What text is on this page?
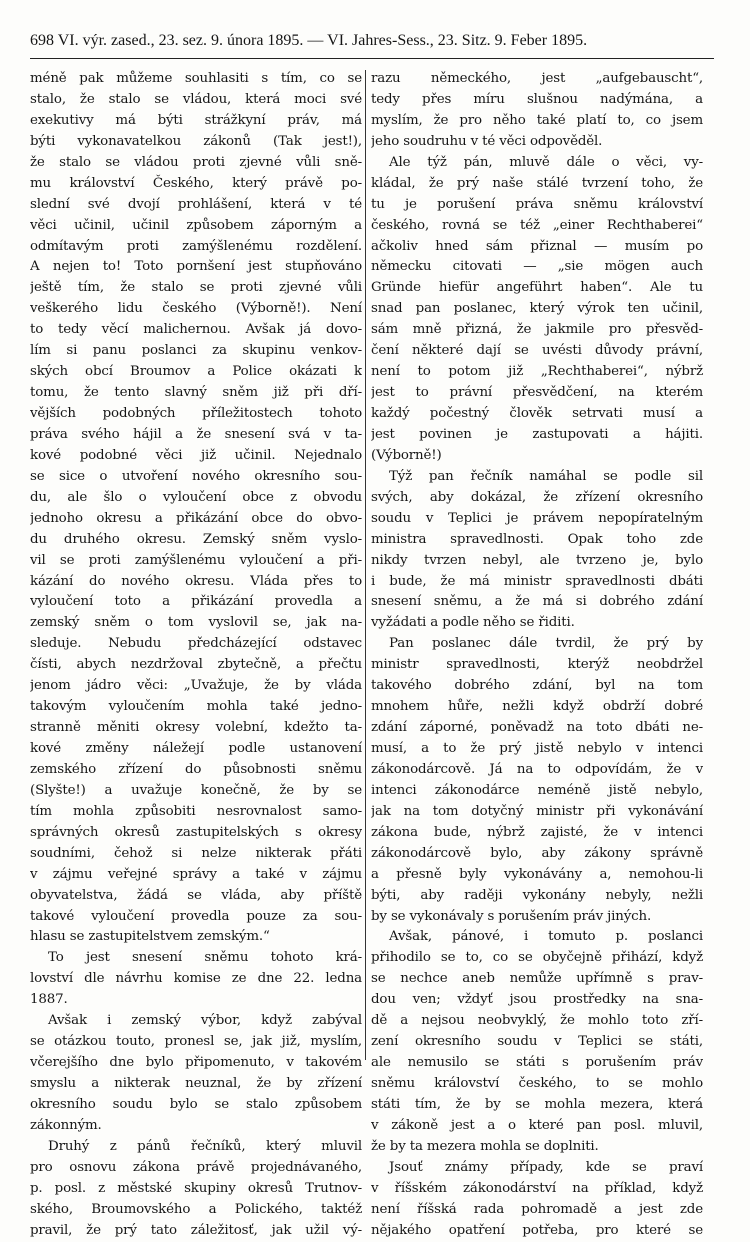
698 VI. výr. zased., 23. sez. 9. února 1895. — VI. Jahres-Sess., 23. Sitz. 9. Feber 1895.
méně pak můžeme souhlasiti s tím, co se
stalo, že stalo se vládou, která moci své
exekutivy má býti strážkyní práv, má
býti vykonavatelkou zákonů (Tak jest!),
že stalo se vládou proti zjevné vůli sně-
mu království Českého, který právě po-
slední své dvojí prohlášení, která v té
věci učinil, učinil způsobem záporným a
odmítavým proti zamýšlenému rozdělení.
A nejen to! Toto pornšení jest stupňováno
ještě tím, že stalo se proti zjevné vůli
veškerého lidu českého (Výborně!). Není
to tedy věcí malichernou. Avšak já dovo-
lím si panu poslanci za skupinu venkov-
ských obcí Broumov a Police okázati k
tomu, že tento slavný sněm již při dří-
vějších podobných příležitostech tohoto
práva svého hájil a že snesení svá v ta-
kové podobné věci již učinil. Nejednalo
se sice o utvoření nového okresního sou-
du, ale šlo o vyloučení obce z obvodu
jednoho okresu a přikázání obce do obvo-
du druhého okresu. Zemský sněm vyslo-
vil se proti zamýšlenému vyloučení a při-
kázání do nového okresu. Vláda přes to
vyloučení toto a přikázání provedla a
zemský sněm o tom vyslovil se, jak na-
sleduje. Nebudu předcházející odstavec
čísti, abych nezdržoval zbytečně, a přečtu
jenom jádro věci: „Uvažuje, že by vláda
takovým vyloučením mohla také jedno-
stranně měniti okresy volební, kdežto ta-
kové změny náležejí podle ustanovení
zemského zřízení do působnosti sněmu
(Slyšte!) a uvažuje konečně, že by se
tím mohla způsobiti nesrovnalost samo-
správných okresů zastupitelských s okresy
soudními, čehož si nelze nikterak přáti
v zájmu veřejné správy a také v zájmu
obyvatelstva, žádá se vláda, aby příště
takové vyloučení provedla pouze za sou-
hlasu se zastupitelstvem zemským.“
To jest snesení sněmu tohoto krá-
lovství dle návrhu komise ze dne 22. ledna
1887.
Avšak i zemský výbor, když zabýval
se otázkou touto, pronesl se, jak již, myslím,
včerejšího dne bylo připomenuto, v takovém
smyslu a nikterak neuznal, že by zřízení
okresního soudu bylo se stalo způsobem
zákonným.
Druhý z pánů řečníků, který mluvil
pro osnovu zákona právě projednávaného,
p. posl. z městské skupiny okresů Trutnov-
ského, Broumovského a Polického, taktéž
pravil, že prý tato záležitosť, jak užil vý-
razu německého, jest „aufgebauscht“,
tedy přes míru slušnou nadýmána, a
myslím, že pro něho také platí to, co jsem
jeho soudruhu v té věci odpověděl.
Ale týž pán, mluvě dále o věci, vy-
kládal, že prý naše stálé tvrzení toho, že
tu je porušení práva sněmu království
českého, rovná se též „einer Rechthaberei“
ačkoliv hned sám přiznal — musím po
německu citovati — „sie mögen auch
Gründe hiefür angeführt haben“. Ale tu
snad pan poslanec, který výrok ten učinil,
sám mně přizná, že jakmile pro přesvěd-
čení některé dají se uvésti důvody právní,
není to potom již „Rechthaberei“, nýbrž
jest to právní přesvědčení, na kterém
každý počestný člověk setrvati musí a
jest povinen je zastupovati a hájiti.
(Výborně!)
Týž pan řečník namáhal se podle sil
svých, aby dokázal, že zřízení okresního
soudu v Teplici je právem nepopíratelným
ministra spravedlnosti. Opak toho zde
nikdy tvrzen nebyl, ale tvrzeno je, bylo
i bude, že má ministr spravedlnosti dbáti
snesení sněmu, a že má si dobrého zdání
vyžádati a podle něho se řiditi.
Pan poslanec dále tvrdil, že prý by
ministr spravedlnosti, kterýž neobdržel
takového dobrého zdání, byl na tom
mnohem hůře, nežli když obdrží dobré
zdání záporné, poněvadž na toto dbáti ne-
musí, a to že prý jistě nebylo v intenci
zákonodárcově. Já na to odpovídám, že v
intenci zákonodárce neméně jistě nebylo,
jak na tom dotyčný ministr při vykonávání
zákona bude, nýbrž zajisté, že v intenci
zákonodárcově bylo, aby zákony správně
a přesně byly vykonávány a, nemohou-li
býti, aby raději vykonány nebyly, nežli
by se vykonávaly s porušením práv jiných.
Avšak, pánové, i tomuto p. poslanci
přihodilo se to, co se obyčejně přihází, když
se nechce aneb nemůže upřímně s prav-
dou ven; vždyť jsou prostředky na sna-
dě a nejsou neobvyklý, že mohlo toto zří-
zení okresního soudu v Teplici se státi,
ale nemusilo se státi s porušením práv
sněmu království českého, to se mohlo
státi tím, že by se mohla mezera, která
v zákoně jest a o které pan posl. mluvil,
že by ta mezera mohla se doplniti.
Jsouť známy případy, kde se praví
v říšském zákonodárství na příklad, když
není říšská rada pohromadě a jest zde
nějakého opatření potřeba, pro které se
